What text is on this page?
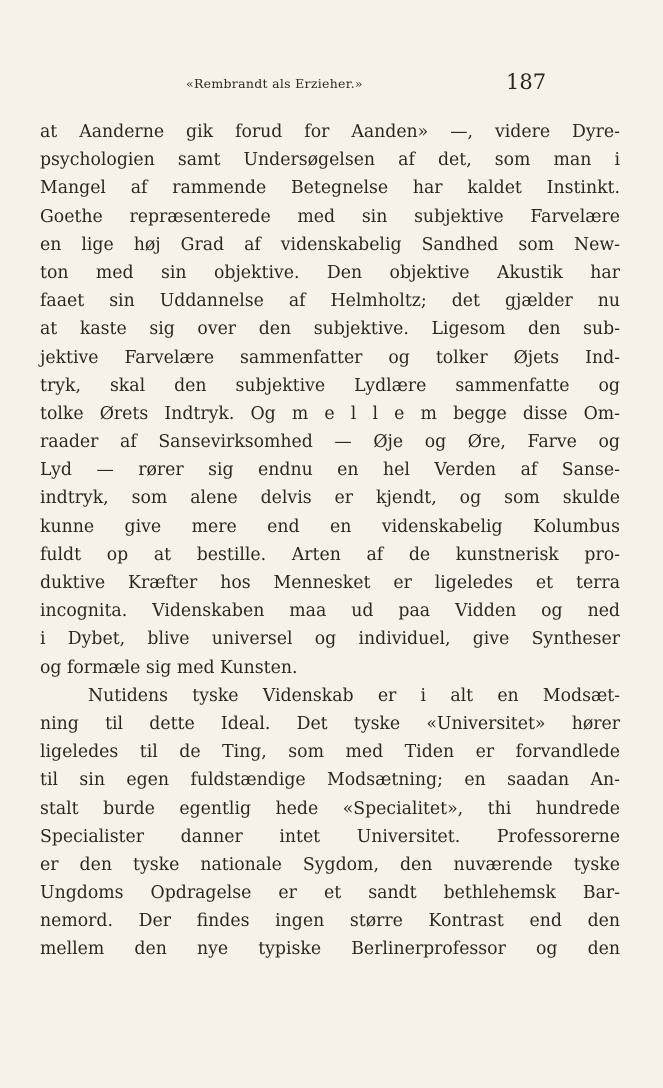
«Rembrandt als Erzieher.»	187
at Aanderne gik forud for Aanden» —, videre Dyre-
psychologien samt Undersøgelsen af det, som man i
Mangel af rammende Betegnelse har kaldet Instinkt.
Goethe repræsenterede med sin subjektive Farvelære
en lige høj Grad af videnskabelig Sandhed som New-
ton med sin objektive. Den objektive Akustik har
faaet sin Uddannelse af Helmholtz; det gjælder nu
at kaste sig over den subjektive. Ligesom den sub-
jektive Farvelære sammenfatter og tolker Øjets Ind-
tryk, skal den subjektive Lydlære sammenfatte og
tolke Ørets Indtryk. Og m e l l e m begge disse Om-
raader af Sansevirksomhed — Øje og Øre, Farve og
Lyd — rører sig endnu en hel Verden af Sanse-
indtryk, som alene delvis er kjendt, og som skulde
kunne give mere end en videnskabelig Kolumbus
fuldt op at bestille. Arten af de kunstnerisk pro-
duktive Kræfter hos Mennesket er ligeledes et terra
incognita. Videnskaben maa ud paa Vidden og ned
i Dybet, blive universel og individuel, give Syntheser
og formæle sig med Kunsten.
Nutidens tyske Videnskab er i alt en Modsæt-
ning til dette Ideal. Det tyske «Universitet» hører
ligeledes til de Ting, som med Tiden er forvandlede
til sin egen fuldstændige Modsætning; en saadan An-
stalt burde egentlig hede «Specialitet», thi hundrede
Specialister danner intet Universitet. Professorerne
er den tyske nationale Sygdom, den nuværende tyske
Ungdoms Opdragelse er et sandt bethlehemsk Bar-
nemord. Der findes ingen større Kontrast end den
mellem den nye typiske Berlinerprofessor og den
